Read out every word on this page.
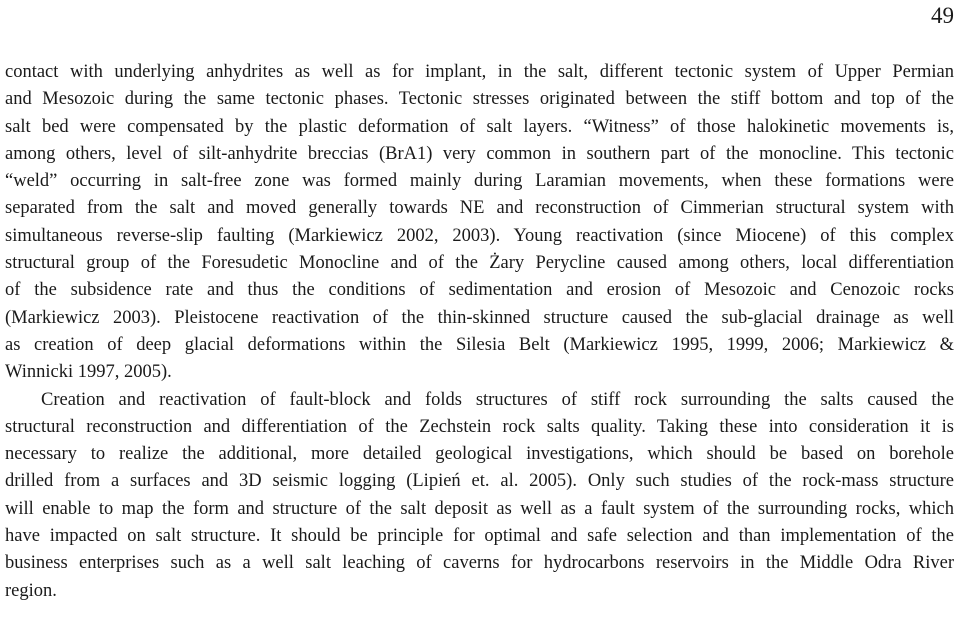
49
contact with underlying anhydrites as well as for implant, in the salt, different tectonic system of Upper Permian
and Mesozoic during the same tectonic phases. Tectonic stresses originated between the stiff bottom and top of the
salt bed were compensated by the plastic deformation of salt layers. “Witness” of those halokinetic movements is,
among others, level of silt-anhydrite breccias (BrA1) very common in southern part of the monocline. This tectonic
“weld” occurring in salt-free zone was formed mainly during Laramian movements, when these formations were
separated from the salt and moved generally towards NE and reconstruction of Cimmerian structural system with
simultaneous reverse-slip faulting (Markiewicz 2002, 2003). Young reactivation (since Miocene) of this complex
structural group of the Foresudetic Monocline and of the Żary Perycline caused among others, local differentiation
of the subsidence rate and thus the conditions of sedimentation and erosion of Mesozoic and Cenozoic rocks
(Markiewicz 2003). Pleistocene reactivation of the thin-skinned structure caused the sub-glacial drainage as well
as creation of deep glacial deformations within the Silesia Belt (Markiewicz 1995, 1999, 2006; Markiewicz &
Winnicki 1997, 2005).
Creation and reactivation of fault-block and folds structures of stiff rock surrounding the salts caused the
structural reconstruction and differentiation of the Zechstein rock salts quality. Taking these into consideration it is
necessary to realize the additional, more detailed geological investigations, which should be based on borehole
drilled from a surfaces and 3D seismic logging (Lipień et. al. 2005). Only such studies of the rock-mass structure
will enable to map the form and structure of the salt deposit as well as a fault system of the surrounding rocks, which
have impacted on salt structure. It should be principle for optimal and safe selection and than implementation of the
business enterprises such as a well salt leaching of caverns for hydrocarbons reservoirs in the Middle Odra River
region.
